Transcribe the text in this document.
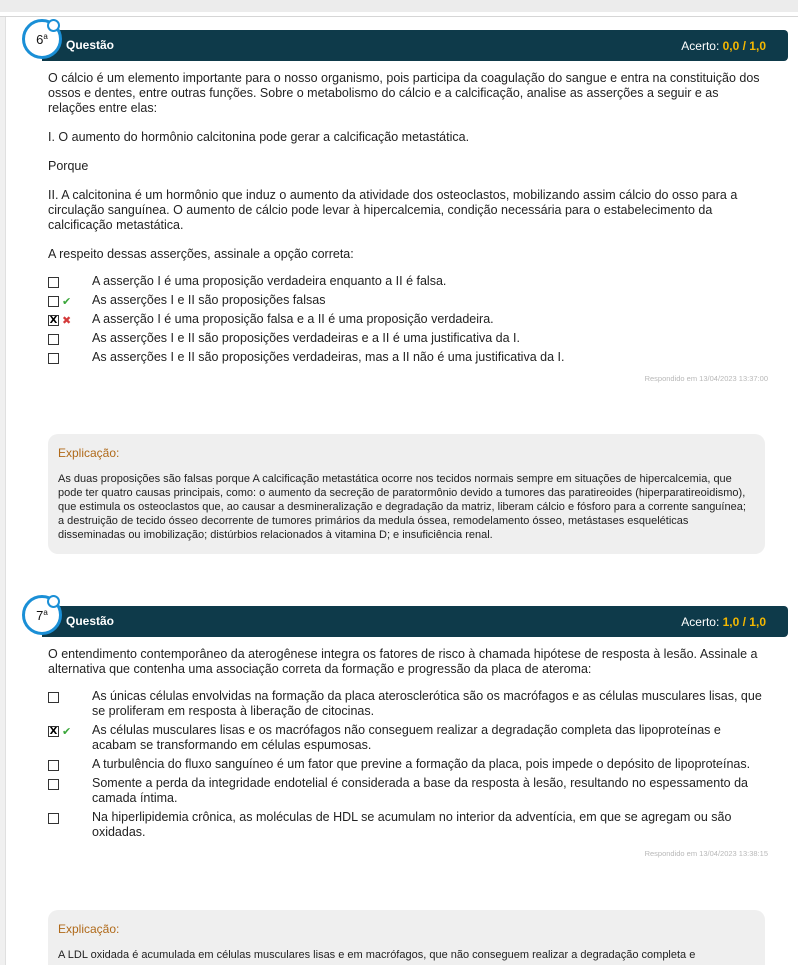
6$^a$
Questão	Acerto: 0,0 / 1,0

O cálcio é um elemento importante para o nosso organismo, pois participa da coagulação do sangue e entra na constituição dos ossos e dentes, entre outras funções. Sobre o metabolismo do cálcio e a calcificação, analise as asserções a seguir e as relações entre elas:

I. O aumento do hormônio calcitonina pode gerar a calcificação metastática.

Porque

II. A calcitonina é um hormônio que induz o aumento da atividade dos osteoclastos, mobilizando assim cálcio do osso para a circulação sanguínea. O aumento de cálcio pode levar à hipercalcemia, condição necessária para o estabelecimento da calcificação metastática.

A respeito dessas asserções, assinale a opção correta:

A asserção I é uma proposição verdadeira enquanto a II é falsa.
✔ As asserções I e II são proposições falsas
X ✖ A asserção I é uma proposição falsa e a II é uma proposição verdadeira.
As asserções I e II são proposições verdadeiras e a II é uma justificativa da I.
As asserções I e II são proposições verdadeiras, mas a II não é uma justificativa da I.
Respondido em 13/04/2023 13:37:00
Explicação:
As duas proposições são falsas porque A calcificação metastática ocorre nos tecidos normais sempre em situações de hipercalcemia, que pode ter quatro causas principais, como: o aumento da secreção de paratormônio devido a tumores das paratireoides (hiperparatireoidismo), que estimula os osteoclastos que, ao causar a desmineralização e degradação da matriz, liberam cálcio e fósforo para a corrente sanguínea; a destruição de tecido ósseo decorrente de tumores primários da medula óssea, remodelamento ósseo, metástases esqueléticas disseminadas ou imobilização; distúrbios relacionados à vitamina D; e insuficiência renal.
7$^a$
Questão	Acerto: 1,0 / 1,0

O entendimento contemporâneo da aterogênese integra os fatores de risco à chamada hipótese de resposta à lesão. Assinale a alternativa que contenha uma associação correta da formação e progressão da placa de ateroma:

As únicas células envolvidas na formação da placa aterosclerótica são os macrófagos e as células musculares lisas, que se proliferam em resposta à liberação de citocinas.
X ✔ As células musculares lisas e os macrófagos não conseguem realizar a degradação completa das lipoproteínas e acabam se transformando em células espumosas.
A turbulência do fluxo sanguíneo é um fator que previne a formação da placa, pois impede o depósito de lipoproteínas.
Somente a perda da integridade endotelial é considerada a base da resposta à lesão, resultando no espessamento da camada íntima.
Na hiperlipidemia crônica, as moléculas de HDL se acumulam no interior da adventícia, em que se agregam ou são oxidadas.
Respondido em 13/04/2023 13:38:15
Explicação:
A LDL oxidada é acumulada em células musculares lisas e em macrófagos, que não conseguem realizar a degradação completa e
